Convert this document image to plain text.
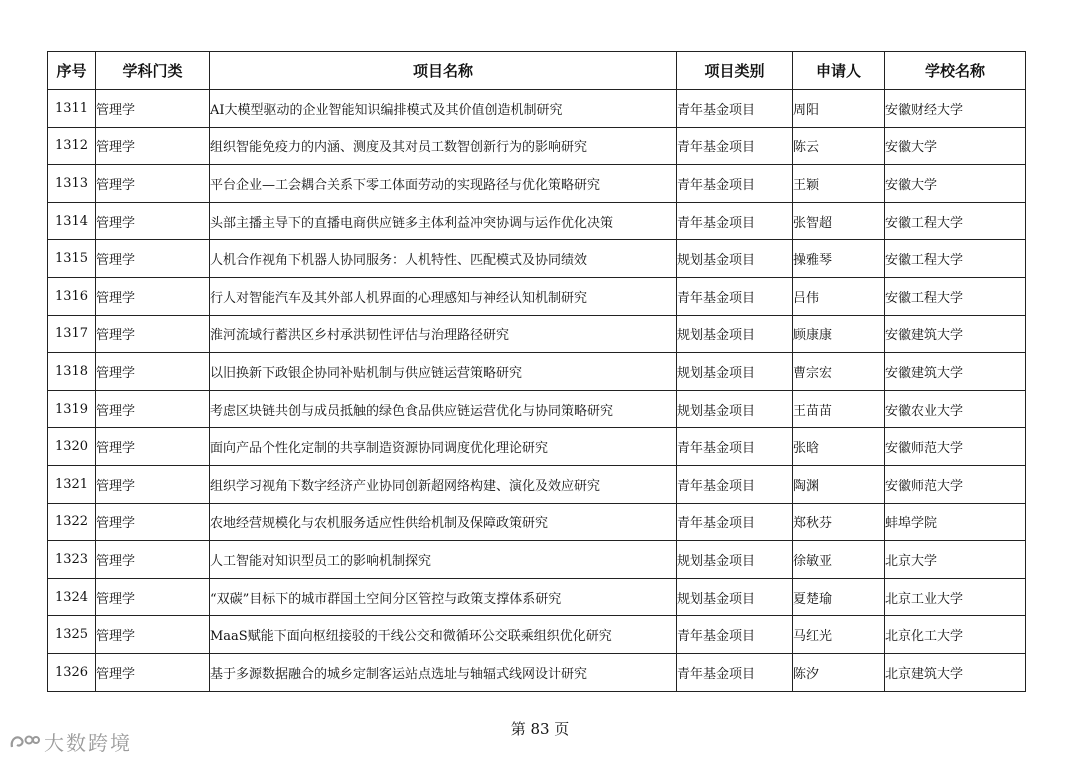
序号	学科门类	项目名称	项目类别	申请人	学校名称
1311	管理学	AI大模型驱动的企业智能知识编排模式及其价值创造机制研究	青年基金项目	周阳	安徽财经大学
1312	管理学	组织智能免疫力的内涵、测度及其对员工数智创新行为的影响研究	青年基金项目	陈云	安徽大学
1313	管理学	平台企业—工会耦合关系下零工体面劳动的实现路径与优化策略研究	青年基金项目	王颖	安徽大学
1314	管理学	头部主播主导下的直播电商供应链多主体利益冲突协调与运作优化决策	青年基金项目	张智超	安徽工程大学
1315	管理学	人机合作视角下机器人协同服务：人机特性、匹配模式及协同绩效	规划基金项目	操雅琴	安徽工程大学
1316	管理学	行人对智能汽车及其外部人机界面的心理感知与神经认知机制研究	青年基金项目	吕伟	安徽工程大学
1317	管理学	淮河流域行蓄洪区乡村承洪韧性评估与治理路径研究	规划基金项目	顾康康	安徽建筑大学
1318	管理学	以旧换新下政银企协同补贴机制与供应链运营策略研究	规划基金项目	曹宗宏	安徽建筑大学
1319	管理学	考虑区块链共创与成员抵触的绿色食品供应链运营优化与协同策略研究	规划基金项目	王苗苗	安徽农业大学
1320	管理学	面向产品个性化定制的共享制造资源协同调度优化理论研究	青年基金项目	张晗	安徽师范大学
1321	管理学	组织学习视角下数字经济产业协同创新超网络构建、演化及效应研究	青年基金项目	陶渊	安徽师范大学
1322	管理学	农地经营规模化与农机服务适应性供给机制及保障政策研究	青年基金项目	郑秋芬	蚌埠学院
1323	管理学	人工智能对知识型员工的影响机制探究	规划基金项目	徐敏亚	北京大学
1324	管理学	“双碳”目标下的城市群国土空间分区管控与政策支撑体系研究	规划基金项目	夏楚瑜	北京工业大学
1325	管理学	MaaS赋能下面向枢纽接驳的干线公交和微循环公交联乘组织优化研究	青年基金项目	马红光	北京化工大学
1326	管理学	基于多源数据融合的城乡定制客运站点选址与轴辐式线网设计研究	青年基金项目	陈汐	北京建筑大学
第 83 页
大数跨境
